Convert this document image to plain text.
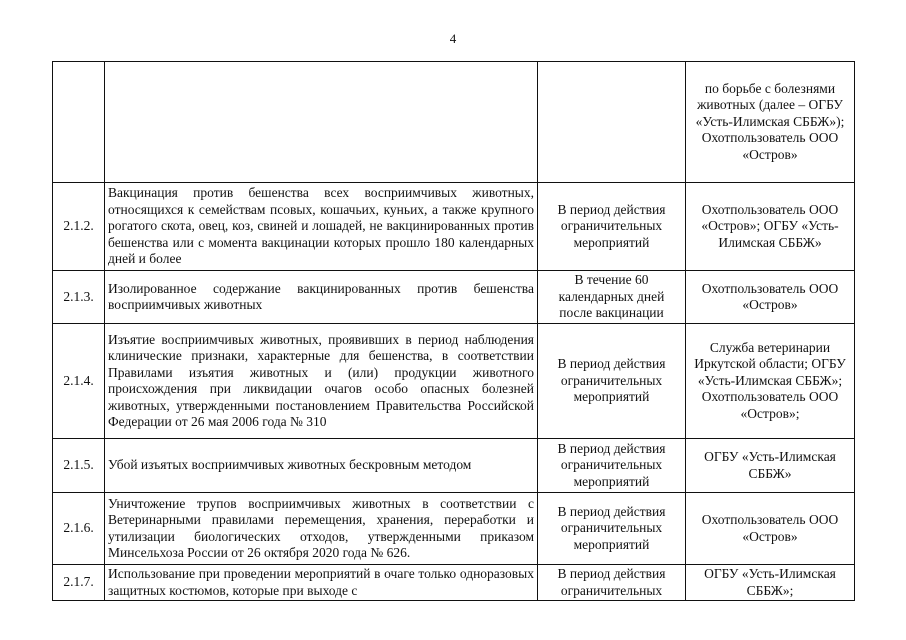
4
			по борьбе с болезнями животных (далее – ОГБУ «Усть-Илимская СББЖ»); Охотпользователь ООО «Остров»
2.1.2.	Вакцинация против бешенства всех восприимчивых животных, относящихся к семействам псовых, кошачьих, куньих, а также крупного рогатого скота, овец, коз, свиней и лошадей, не вакцинированных против бешенства или с момента вакцинации которых прошло 180 календарных дней и более	В период действия ограничительных мероприятий	Охотпользователь ООО «Остров»; ОГБУ «Усть-Илимская СББЖ»
2.1.3.	Изолированное содержание вакцинированных против бешенства восприимчивых животных	В течение 60 календарных дней после вакцинации	Охотпользователь ООО «Остров»
2.1.4.	Изъятие восприимчивых животных, проявивших в период наблюдения клинические признаки, характерные для бешенства, в соответствии Правилами изъятия животных и (или) продукции животного происхождения при ликвидации очагов особо опасных болезней животных, утвержденными постановлением Правительства Российской Федерации от 26 мая 2006 года № 310	В период действия ограничительных мероприятий	Служба ветеринарии Иркутской области; ОГБУ «Усть-Илимская СББЖ»; Охотпользователь ООО «Остров»;
2.1.5.	Убой изъятых восприимчивых животных бескровным методом	В период действия ограничительных мероприятий	ОГБУ «Усть-Илимская СББЖ»
2.1.6.	Уничтожение трупов восприимчивых животных в соответствии с Ветеринарными правилами перемещения, хранения, переработки и утилизации биологических отходов, утвержденными приказом Минсельхоза России от 26 октября 2020 года № 626.	В период действия ограничительных мероприятий	Охотпользователь ООО «Остров»
2.1.7.	Использование при проведении мероприятий в очаге только одноразовых защитных костюмов, которые при выходе с	В период действия ограничительных	ОГБУ «Усть-Илимская СББЖ»;
